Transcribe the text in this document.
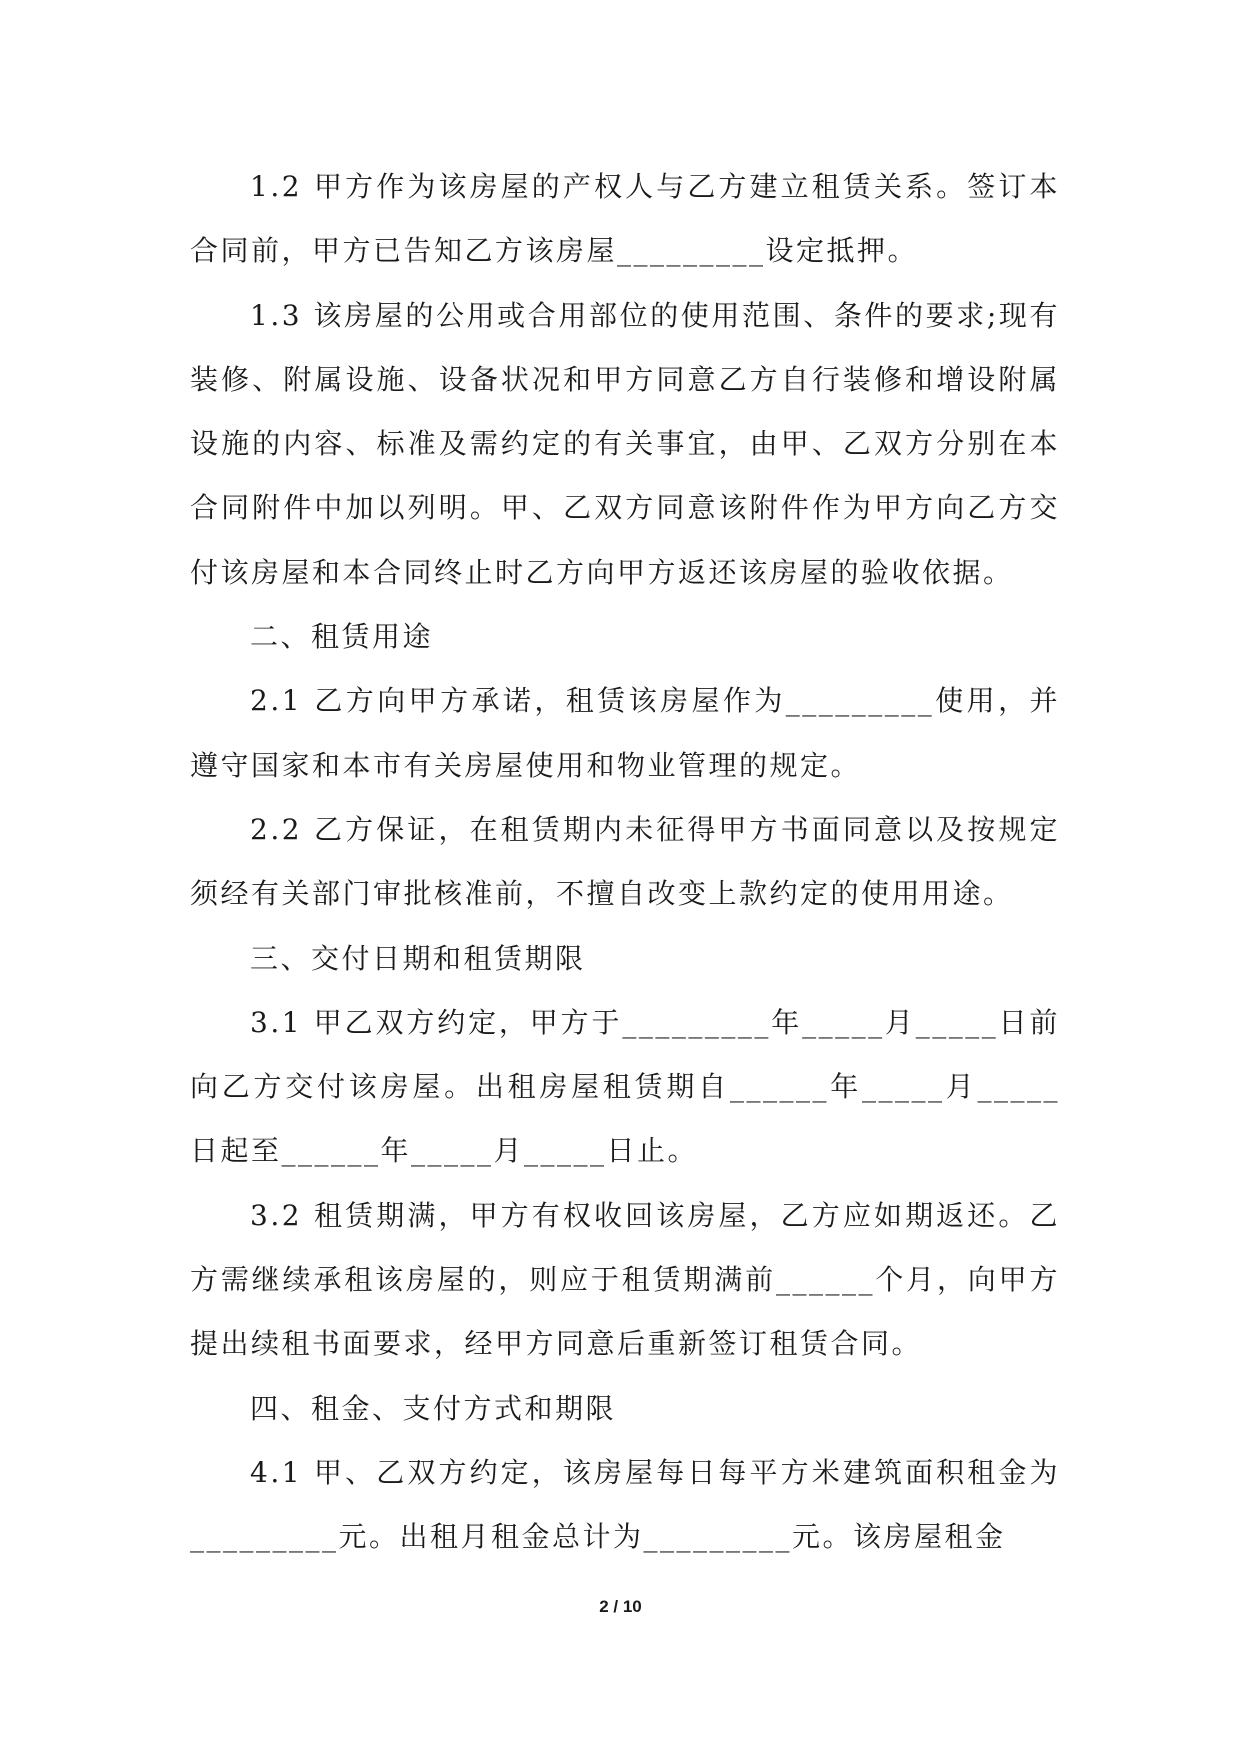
1.2 甲方作为该房屋的产权人与乙方建立租赁关系。签订本合同前，甲方已告知乙方该房屋_________设定抵押。

1.3 该房屋的公用或合用部位的使用范围、条件的要求;现有装修、附属设施、设备状况和甲方同意乙方自行装修和增设附属设施的内容、标准及需约定的有关事宜，由甲、乙双方分别在本合同附件中加以列明。甲、乙双方同意该附件作为甲方向乙方交付该房屋和本合同终止时乙方向甲方返还该房屋的验收依据。

二、租赁用途

2.1 乙方向甲方承诺，租赁该房屋作为_________使用，并遵守国家和本市有关房屋使用和物业管理的规定。

2.2 乙方保证，在租赁期内未征得甲方书面同意以及按规定须经有关部门审批核准前，不擅自改变上款约定的使用用途。

三、交付日期和租赁期限

3.1 甲乙双方约定，甲方于_________年_____月_____日前向乙方交付该房屋。出租房屋租赁期自______年_____月_____日起至______年_____月_____日止。

3.2 租赁期满，甲方有权收回该房屋，乙方应如期返还。乙方需继续承租该房屋的，则应于租赁期满前______个月，向甲方提出续租书面要求，经甲方同意后重新签订租赁合同。

四、租金、支付方式和期限

4.1 甲、乙双方约定，该房屋每日每平方米建筑面积租金为_________元。出租月租金总计为_________元。该房屋租金

2 / 10
